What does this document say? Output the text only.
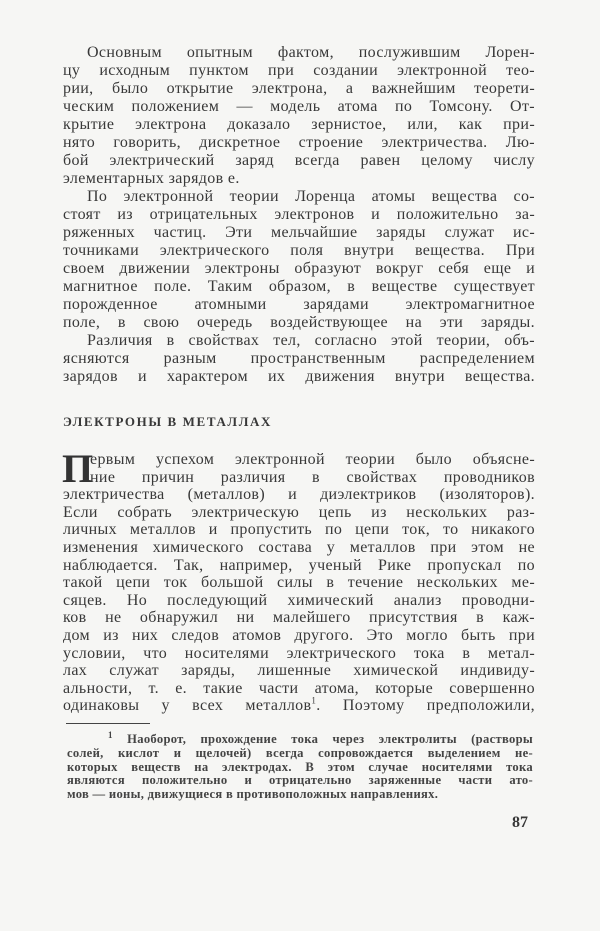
Основным опытным фактом, послужившим Лорен-
цу исходным пунктом при создании электронной тео-
рии, было открытие электрона, а важнейшим теорети-
ческим положением — модель атома по Томсону. От-
крытие электрона доказало зернистое, или, как при-
нято говорить, дискретное строение электричества. Лю-
бой электрический заряд всегда равен целому числу
элементарных зарядов e.
По электронной теории Лоренца атомы вещества со-
стоят из отрицательных электронов и положительно за-
ряженных частиц. Эти мельчайшие заряды служат ис-
точниками электрического поля внутри вещества. При
своем движении электроны образуют вокруг себя еще и
магнитное поле. Таким образом, в веществе существует
порожденное атомными зарядами электромагнитное
поле, в свою очередь воздействующее на эти заряды.
Различия в свойствах тел, согласно этой теории, объ-
ясняются разным пространственным распределением
зарядов и характером их движения внутри вещества.
ЭЛЕКТРОНЫ В МЕТАЛЛАХ
П
ервым успехом электронной теории было объясне-
ние причин различия в свойствах проводников
электричества (металлов) и диэлектриков (изоляторов).
Если собрать электрическую цепь из нескольких раз-
личных металлов и пропустить по цепи ток, то никакого
изменения химического состава у металлов при этом не
наблюдается. Так, например, ученый Рике пропускал по
такой цепи ток большой силы в течение нескольких ме-
сяцев. Но последующий химический анализ проводни-
ков не обнаружил ни малейшего присутствия в каж-
дом из них следов атомов другого. Это могло быть при
условии, что носителями электрического тока в метал-
лах служат заряды, лишенные химической индивиду-
альности, т. е. такие части атома, которые совершенно
одинаковы у всех металлов$^1$. Поэтому предположили,
$^1$ Наоборот, прохождение тока через электролиты (растворы
солей, кислот и щелочей) всегда сопровождается выделением не-
которых веществ на электродах. В этом случае носителями тока
являются положительно и отрицательно заряженные части ато-
мов — ионы, движущиеся в противоположных направлениях.
87
